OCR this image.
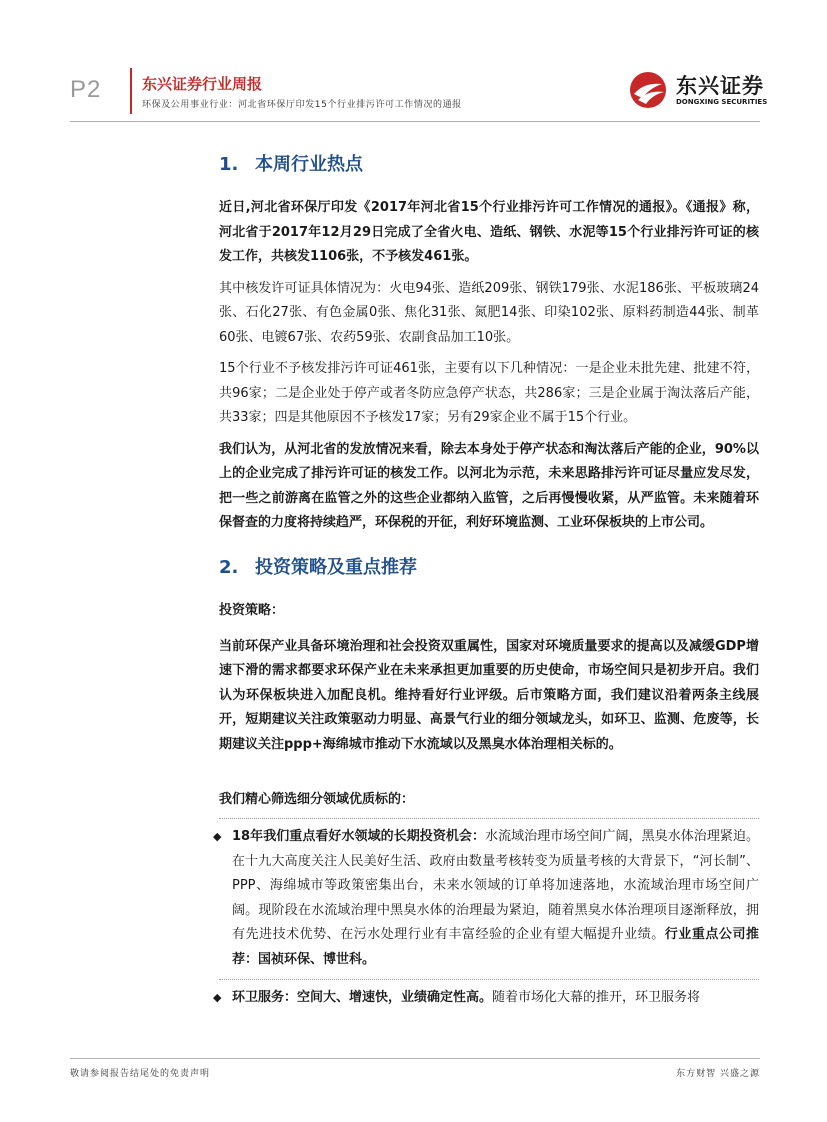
P2	东兴证券行业周报
环保及公用事业行业：河北省环保厅印发15个行业排污许可工作情况的通报
东兴证券
DONGXING SECURITIES
1. 本周行业热点

近日,河北省环保厅印发《2017年河北省15个行业排污许可工作情况的通报》。《通报》称，河北省于2017年12月29日完成了全省火电、造纸、钢铁、水泥等15个行业排污许可证的核发工作，共核发1106张，不予核发461张。

其中核发许可证具体情况为：火电94张、造纸209张、钢铁179张、水泥186张、平板玻璃24张、石化27张、有色金属0张、焦化31张、氮肥14张、印染102张、原料药制造44张、制革60张、电镀67张、农药59张、农副食品加工10张。

15个行业不予核发排污许可证461张，主要有以下几种情况：一是企业未批先建、批建不符，共96家；二是企业处于停产或者冬防应急停产状态，共286家；三是企业属于淘汰落后产能，共33家；四是其他原因不予核发17家；另有29家企业不属于15个行业。

我们认为，从河北省的发放情况来看，除去本身处于停产状态和淘汰落后产能的企业，90%以上的企业完成了排污许可证的核发工作。以河北为示范，未来思路排污许可证尽量应发尽发，把一些之前游离在监管之外的这些企业都纳入监管，之后再慢慢收紧，从严监管。未来随着环保督查的力度将持续趋严，环保税的开征，利好环境监测、工业环保板块的上市公司。

2. 投资策略及重点推荐
投资策略：

当前环保产业具备环境治理和社会投资双重属性，国家对环境质量要求的提高以及减缓GDP增速下滑的需求都要求环保产业在未来承担更加重要的历史使命，市场空间只是初步开启。我们认为环保板块进入加配良机。维持看好行业评级。后市策略方面，我们建议沿着两条主线展开，短期建议关注政策驱动力明显、高景气行业的细分领域龙头，如环卫、监测、危废等，长期建议关注ppp+海绵城市推动下水流域以及黑臭水体治理相关标的。

我们精心筛选细分领域优质标的：
◆ 18年我们重点看好水领域的长期投资机会：水流域治理市场空间广阔，黑臭水体治理紧迫。在十九大高度关注人民美好生活、政府由数量考核转变为质量考核的大背景下，“河长制”、PPP、海绵城市等政策密集出台，未来水领域的订单将加速落地，水流域治理市场空间广阔。现阶段在水流域治理中黑臭水体的治理最为紧迫，随着黑臭水体治理项目逐渐释放，拥有先进技术优势、在污水处理行业有丰富经验的企业有望大幅提升业绩。行业重点公司推荐：国祯环保、博世科。
◆ 环卫服务：空间大、增速快，业绩确定性高。随着市场化大幕的推开，环卫服务将
敬请参阅报告结尾处的免责声明	东方财智 兴盛之源
